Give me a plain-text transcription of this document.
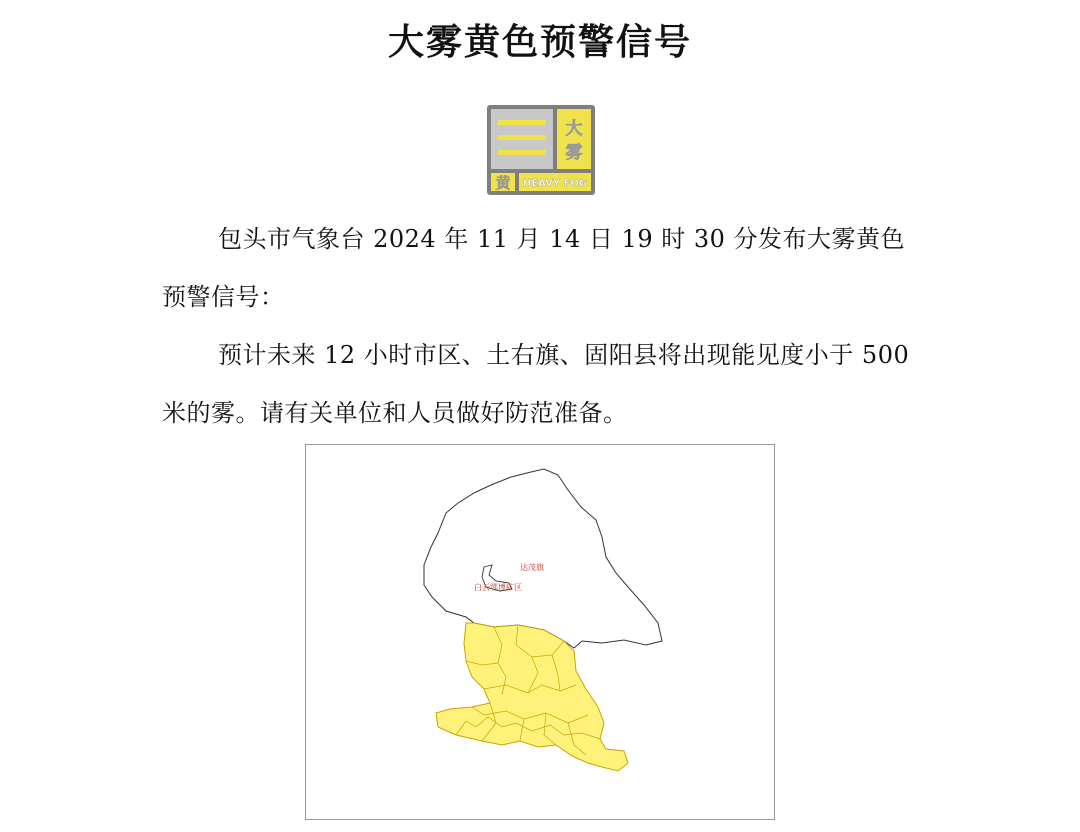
大雾黄色预警信号
大
雾
黄 HEAVY FOG

包头市气象台 2024 年 11 月 14 日 19 时 30 分发布大雾黄色预警信号：

预计未来 12 小时市区、土右旗、固阳县将出现能见度小于 500 米的雾。请有关单位和人员做好防范准备。

达茂旗
白云鄂博矿区
